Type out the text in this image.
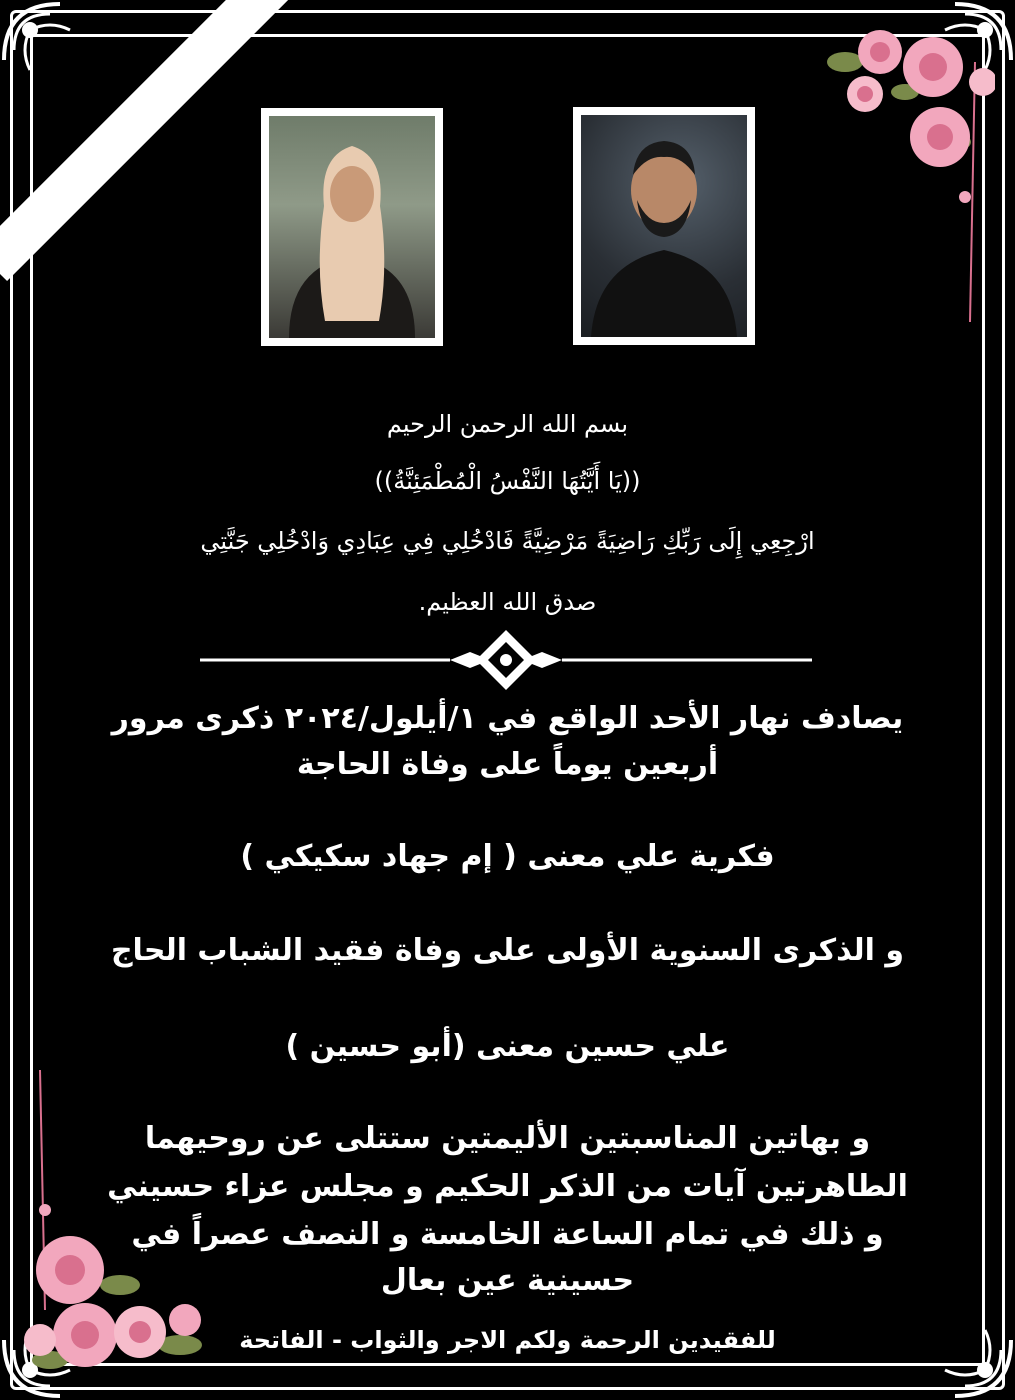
بسم الله الرحمن الرحيم
((يَا أَيَّتُهَا النَّفْسُ الْمُطْمَئِنَّةُ))
ارْجِعِي إِلَى رَبِّكِ رَاضِيَةً مَرْضِيَّةً فَادْخُلِي فِي عِبَادِي وَادْخُلِي جَنَّتِي
صدق الله العظيم.
يصادف نهار الأحد الواقع في ١/أيلول/٢٠٢٤ ذكرى مرور
أربعين يوماً على وفاة الحاجة
فكرية علي معنى ( إم جهاد سكيكي )
و الذكرى السنوية الأولى على وفاة فقيد الشباب الحاج
علي حسين معنى (أبو حسين )
و بهاتين المناسبتين الأليمتين ستتلى عن روحيهما
الطاهرتين آيات من الذكر الحكيم و مجلس عزاء حسيني
و ذلك في تمام الساعة الخامسة و النصف عصراً في
حسينية عين بعال
للفقيدين الرحمة ولكم الاجر والثواب - الفاتحة
